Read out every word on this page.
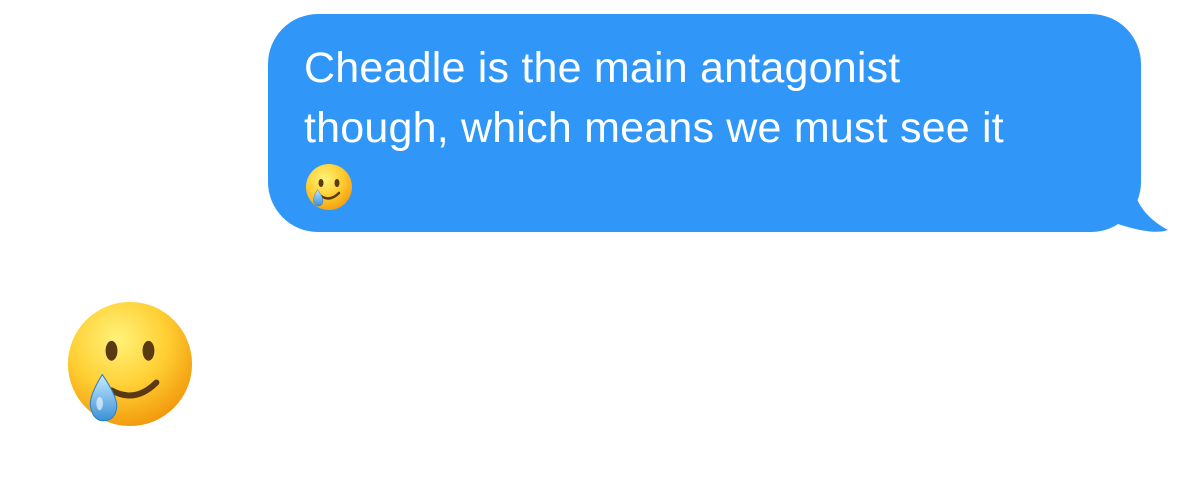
Cheadle is the main antagonist
though, which means we must see it
